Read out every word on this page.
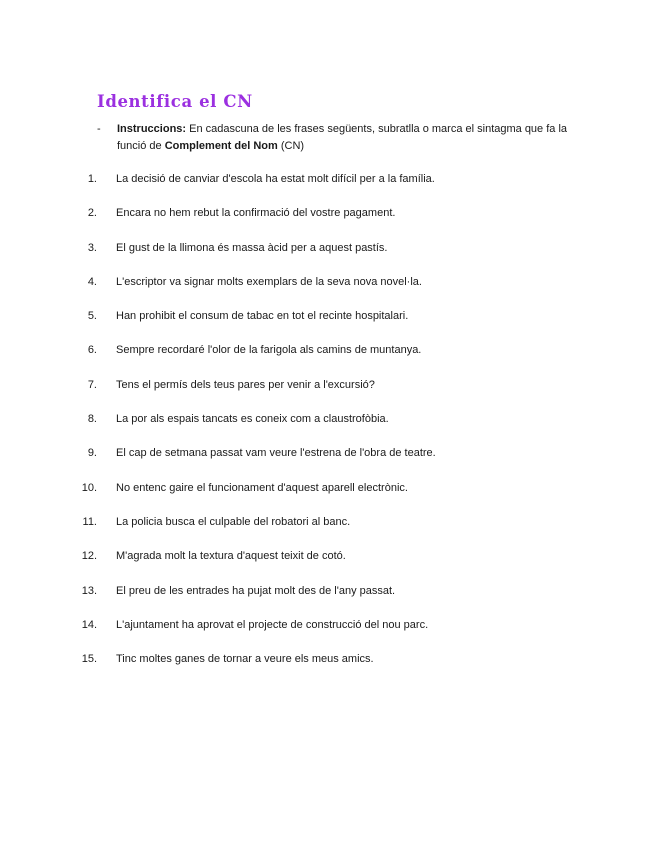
Identifica el CN
- Instruccions: En cadascuna de les frases següents, subratlla o marca el sintagma que fa la funció de Complement del Nom (CN)
1. La decisió de canviar d'escola ha estat molt difícil per a la família.
2. Encara no hem rebut la confirmació del vostre pagament.
3. El gust de la llimona és massa àcid per a aquest pastís.
4. L'escriptor va signar molts exemplars de la seva nova novel·la.
5. Han prohibit el consum de tabac en tot el recinte hospitalari.
6. Sempre recordaré l'olor de la farigola als camins de muntanya.
7. Tens el permís dels teus pares per venir a l'excursió?
8. La por als espais tancats es coneix com a claustrofòbia.
9. El cap de setmana passat vam veure l'estrena de l'obra de teatre.
10. No entenc gaire el funcionament d'aquest aparell electrònic.
11. La policia busca el culpable del robatori al banc.
12. M'agrada molt la textura d'aquest teixit de cotó.
13. El preu de les entrades ha pujat molt des de l'any passat.
14. L'ajuntament ha aprovat el projecte de construcció del nou parc.
15. Tinc moltes ganes de tornar a veure els meus amics.
